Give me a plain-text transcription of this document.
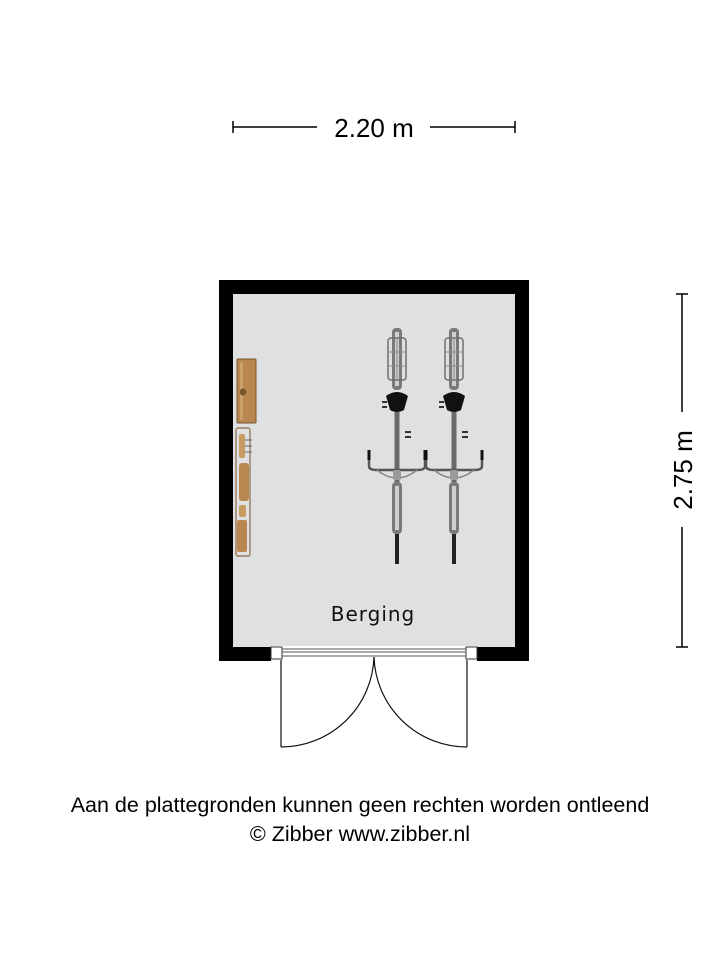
2.20 m
2.75 m
Berging
Aan de plattegronden kunnen geen rechten worden ontleend
© Zibber www.zibber.nl
